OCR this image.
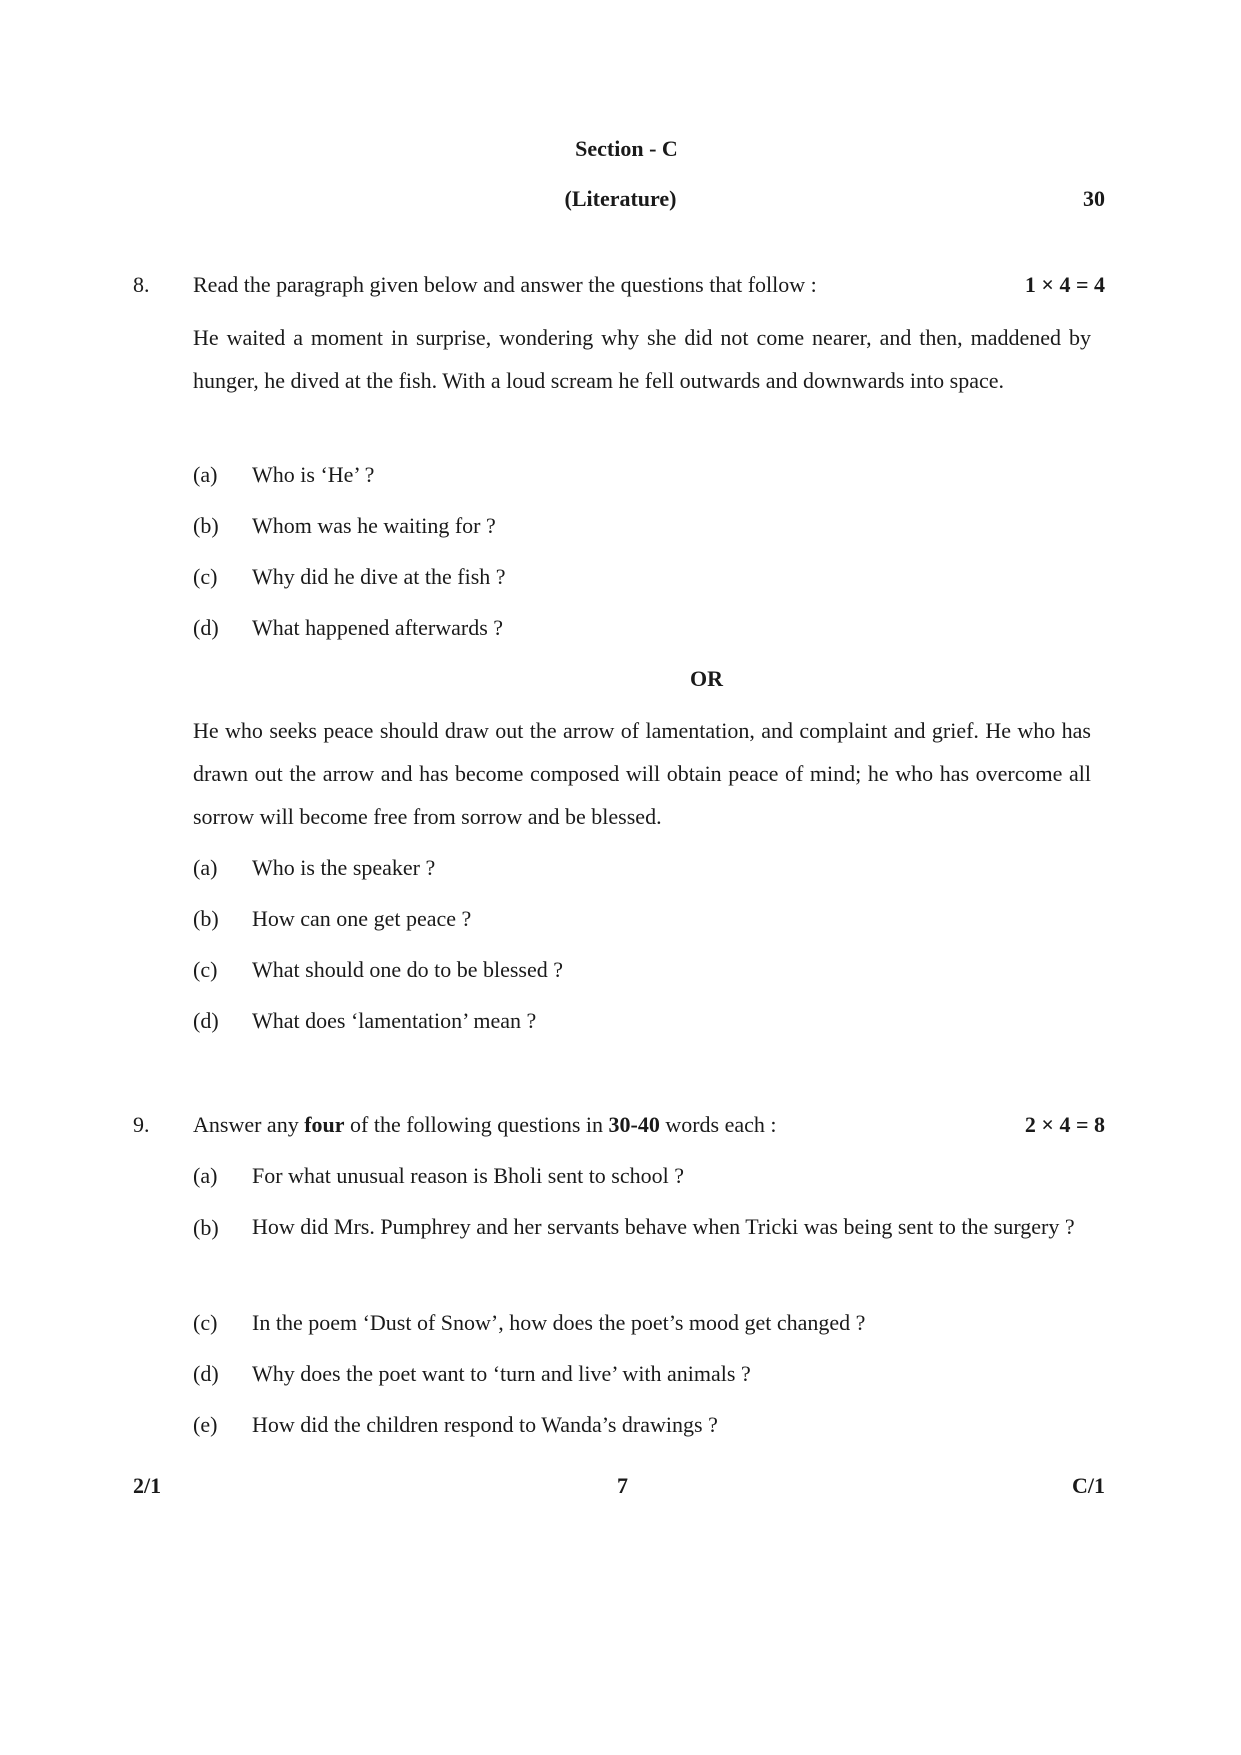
Section - C
(Literature)	30
8. Read the paragraph given below and answer the questions that follow :	1 × 4 = 4
He waited a moment in surprise, wondering why she did not come nearer, and then, maddened by hunger, he dived at the fish. With a loud scream he fell outwards and downwards into space.
(a) Who is ‘He’ ?
(b) Whom was he waiting for ?
(c) Why did he dive at the fish ?
(d) What happened afterwards ?
OR
He who seeks peace should draw out the arrow of lamentation, and complaint and grief. He who has drawn out the arrow and has become composed will obtain peace of mind; he who has overcome all sorrow will become free from sorrow and be blessed.
(a) Who is the speaker ?
(b) How can one get peace ?
(c) What should one do to be blessed ?
(d) What does ‘lamentation’ mean ?
9. Answer any four of the following questions in 30-40 words each :	2 × 4 = 8
(a) For what unusual reason is Bholi sent to school ?
(b) How did Mrs. Pumphrey and her servants behave when Tricki was being sent to the surgery ?
(c) In the poem ‘Dust of Snow’, how does the poet’s mood get changed ?
(d) Why does the poet want to ‘turn and live’ with animals ?
(e) How did the children respond to Wanda’s drawings ?
2/1	7	C/1
